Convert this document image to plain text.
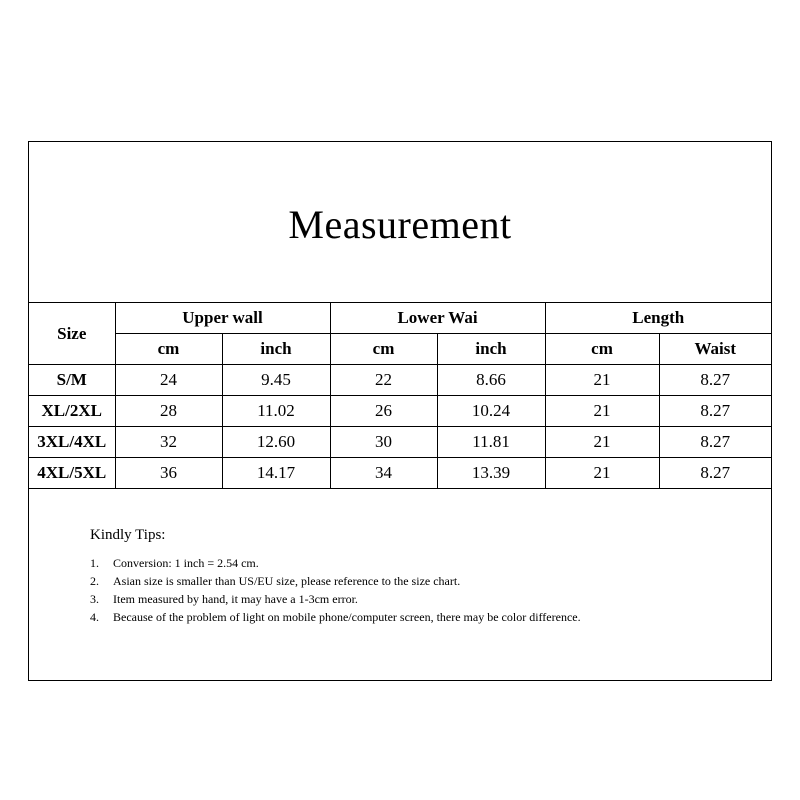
Measurement
Size	Upper wall		Lower Wai		Length	
	cm	inch	cm	inch	cm	Waist
S/M	24	9.45	22	8.66	21	8.27
XL/2XL	28	11.02	26	10.24	21	8.27
3XL/4XL	32	12.60	30	11.81	21	8.27
4XL/5XL	36	14.17	34	13.39	21	8.27
Kindly Tips:
1.	Conversion: 1 inch = 2.54 cm.
2.	Asian size is smaller than US/EU size, please reference to the size chart.
3.	Item measured by hand, it may have a 1-3cm error.
4.	Because of the problem of light on mobile phone/computer screen, there may be color difference.
